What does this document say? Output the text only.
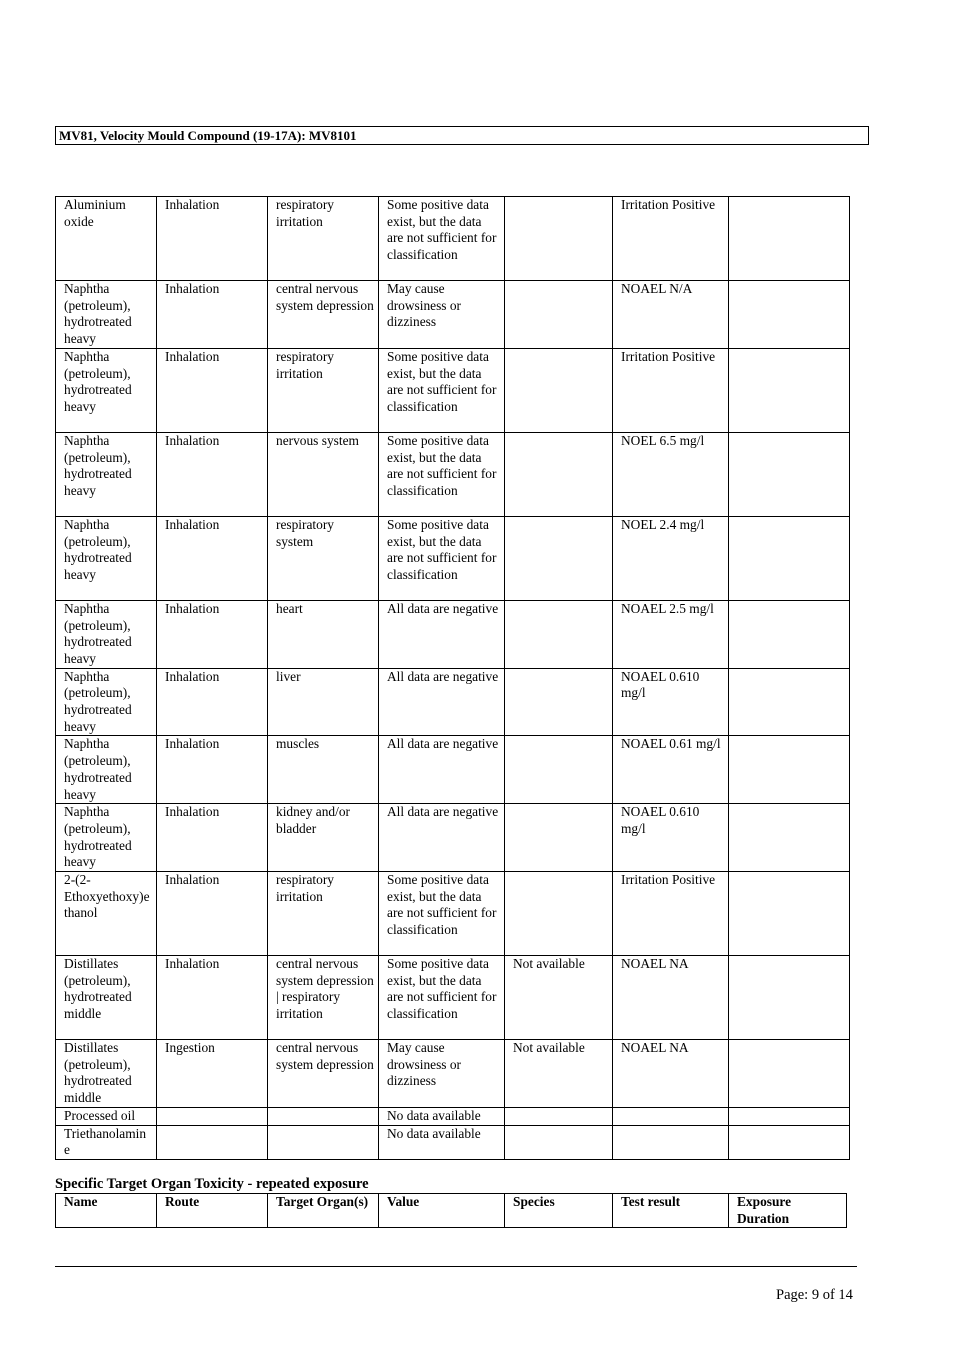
MV81, Velocity Mould Compound (19-17A): MV8101
Aluminium oxide	Inhalation	respiratory irritation	Some positive data exist, but the data are not sufficient for classification		Irritation Positive	
Naphtha (petroleum), hydrotreated heavy	Inhalation	central nervous system depression	May cause drowsiness or dizziness		NOAEL N/A	
Naphtha (petroleum), hydrotreated heavy	Inhalation	respiratory irritation	Some positive data exist, but the data are not sufficient for classification		Irritation Positive	
Naphtha (petroleum), hydrotreated heavy	Inhalation	nervous system	Some positive data exist, but the data are not sufficient for classification		NOEL 6.5 mg/l	
Naphtha (petroleum), hydrotreated heavy	Inhalation	respiratory system	Some positive data exist, but the data are not sufficient for classification		NOEL 2.4 mg/l	
Naphtha (petroleum), hydrotreated heavy	Inhalation	heart	All data are negative		NOAEL 2.5 mg/l	
Naphtha (petroleum), hydrotreated heavy	Inhalation	liver	All data are negative		NOAEL 0.610 mg/l	
Naphtha (petroleum), hydrotreated heavy	Inhalation	muscles	All data are negative		NOAEL 0.61 mg/l	
Naphtha (petroleum), hydrotreated heavy	Inhalation	kidney and/or bladder	All data are negative		NOAEL 0.610 mg/l	
2-(2-Ethoxyethoxy)ethanol	Inhalation	respiratory irritation	Some positive data exist, but the data are not sufficient for classification		Irritation Positive	
Distillates (petroleum), hydrotreated middle	Inhalation	central nervous system depression | respiratory irritation	Some positive data exist, but the data are not sufficient for classification	Not available	NOAEL NA	
Distillates (petroleum), hydrotreated middle	Ingestion	central nervous system depression	May cause drowsiness or dizziness	Not available	NOAEL NA	
Processed oil			No data available			
Triethanolamine			No data available			
Specific Target Organ Toxicity - repeated exposure
Name	Route	Target Organ(s)	Value	Species	Test result	Exposure Duration
Page: 9 of 14
